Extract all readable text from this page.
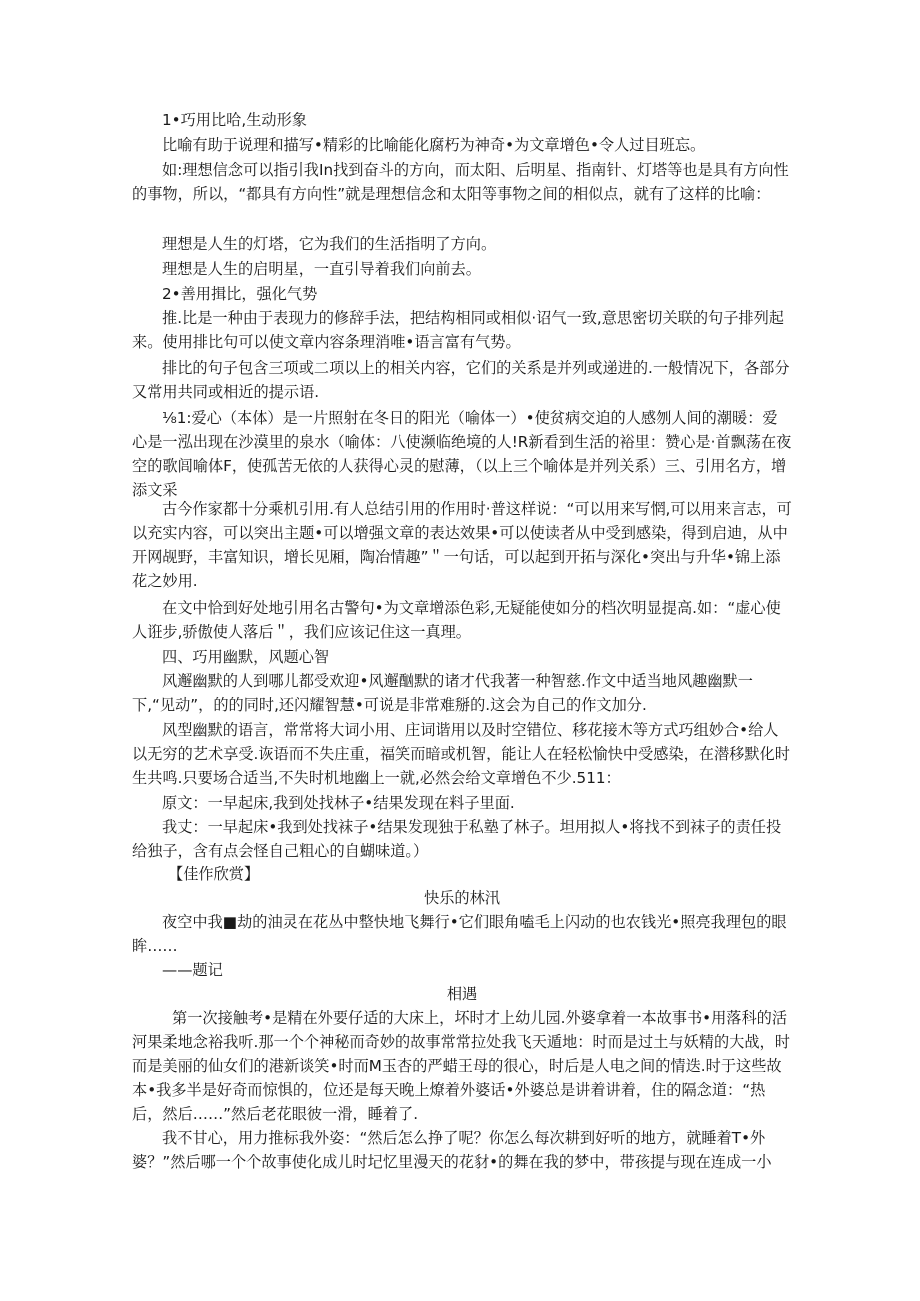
1•巧用比哈,生动形象

比喻有助于说理和描写•精彩的比喻能化腐朽为神奇•为文章增色•令人过目班忘。

如:理想信念可以指引我In找到奋斗的方向，而太阳、后明星、指南针、灯塔等也是具有方向性的事物，所以，“都具有方向性”就是理想信念和太阳等事物之间的相似点，就有了这样的比喻：

理想是人生的灯塔，它为我们的生活指明了方向。

理想是人生的启明星，一直引导着我们向前去。

2•善用揖比，强化气势

推.比是一种由于表现力的修辞手法，把结构相同或相似·诏气一致,意思密切关联的句子排列起来。使用排比句可以使文章内容条理消唯•语言富有气势。

排比的句子包含三项或二项以上的相关内容，它们的关系是并列或递进的.一般情况下，各部分又常用共同或相近的提示语.

⅛1:爱心（本体）是一片照射在冬日的阳光（喻体一）•使贫病交迫的人感刎人间的潮暖：爱心是一泓出现在沙漠里的泉水（喻体：八使濒临绝境的人!R新看到生活的裕里：赞心是·首飘荡在夜空的歌闾喻体F，使孤苦无依的人获得心灵的慰薄，（以上三个喻体是并列关系）三、引用名方，增添文采

古今作家都十分乘机引用.有人总结引用的作用时·普这样说：“可以用来写惘,可以用来言志，可以充实内容，可以突出主题•可以增强文章的表达效果•可以使读者从中受到感染，得到启迪，从中开网觇野，丰富知识，增长见厢，陶冶情趣”＂一句话，可以起到开拓与深化•突出与升华•锦上添花之妙用.

在文中恰到好处地引用名古警句•为文章增添色彩,无疑能使如分的档次明显提高.如：“虚心使人诳步,骄傲使人落后＂，我们应该记住这一真理。

四、巧用幽默，风题心智

风邂幽默的人到哪儿都受欢迎•风邂酗默的诸才代我著一种智慈.作文中适当地风趣幽默一下,“见动”，的的同时,还闪耀智慧•可说是非常难掰的.这会为自己的作文加分.

风型幽默的语言，常常将大词小用、庄词谐用以及时空错位、移花接木等方式巧组妙合•给人以无穷的艺术享受.诙语而不失庄重，福笑而暗或机智，能让人在轻松愉快中受感染，在潜移默化时生共鸣.只要场合适当,不失时机地幽上一就,必然会给文章增色不少.511：

原文：一早起床,我到处找林子•结果发现在料子里面.

我丈：一早起床•我到处找袜子•结果发现独于私塾了林子。坦用拟人•将找不到袜子的责任投给独子，含有点会怪自己粗心的自蝴味道。）

【佳作欣赏】

快乐的林汛

夜空中我■劫的油灵在花丛中整快地飞舞行•它们眼角嗑毛上闪动的也农钱光•照亮我理包的眼眸……

——题记

相遇

第一次接触考•是精在外要仔适的大床上，坏时才上幼儿园.外婆拿着一本故事书•用落科的活河果柔地念裕我听.那一个个神秘而奇妙的故事常常拉处我飞天遁地：时而是过土与妖精的大战，时而是美丽的仙女们的港新谈笑•时而M玉杏的严蜡王母的很心，时后是人电之间的情迭.时于这些故本•我多半是好奇而惊惧的，位还是每天晚上燎着外婆话•外婆总是讲着讲着，住的隔念道：“热后，然后……”然后老花眼彼一滑，睡着了.

我不甘心，用力推标我外姿：“然后怎么挣了呢？你怎么每次耕到好听的地方，就睡着T•外婆？”然后哪一个个故事使化成儿时圮忆里漫天的花豺•的舞在我的梦中，带孩提与现在连成一小
